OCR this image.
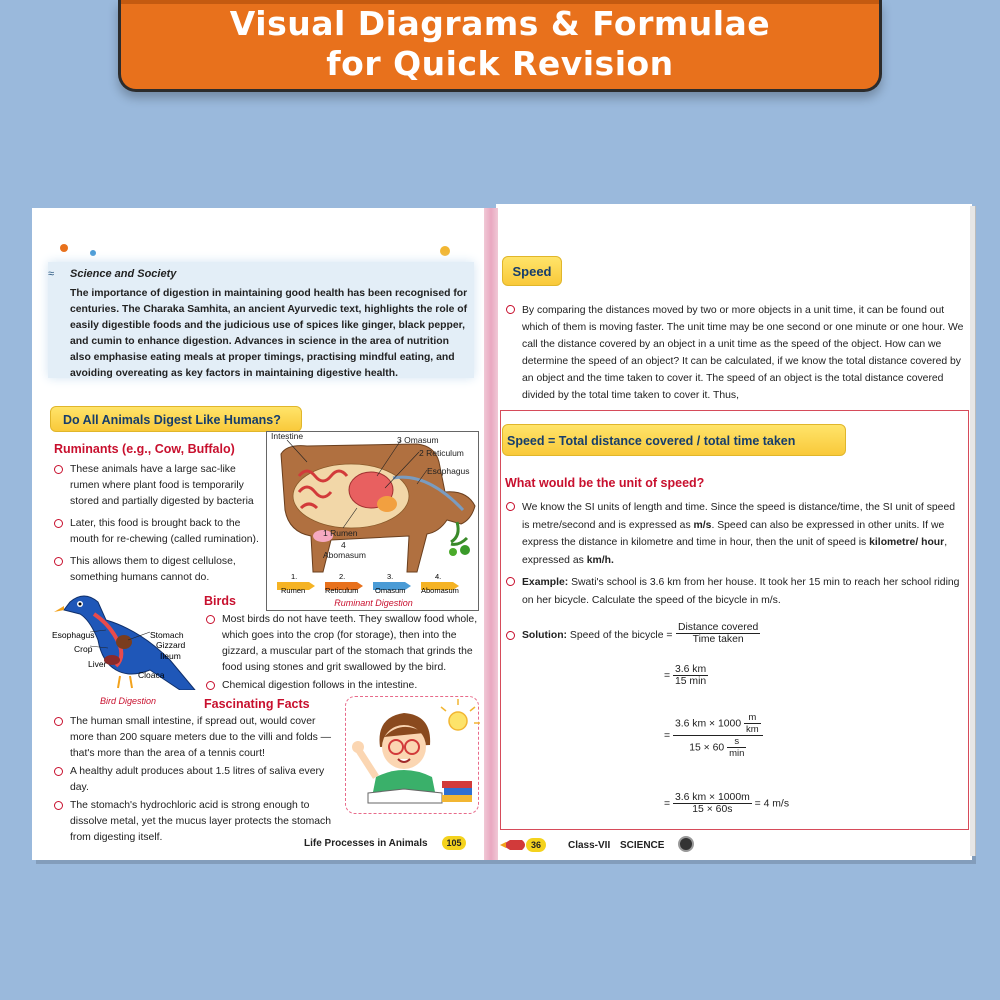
Visual Diagrams & Formulae
for Quick Revision
≈ Science and Society
The importance of digestion in maintaining good health has been recognised for centuries. The Charaka Samhita, an ancient Ayurvedic text, highlights the role of easily digestible foods and the judicious use of spices like ginger, black pepper, and cumin to enhance digestion. Advances in science in the area of nutrition also emphasise eating meals at proper timings, practising mindful eating, and avoiding overeating as key factors in maintaining digestive health.
Do All Animals Digest Like Humans?
Ruminants (e.g., Cow, Buffalo)
These animals have a large sac-like rumen where plant food is temporarily stored and partially digested by bacteria
Later, this food is brought back to the mouth for re-chewing (called rumination).
This allows them to digest cellulose, something humans cannot do.
Intestine	3 Omasum
2 Reticulum
Esophagus
1 Rumen
4
Abomasum
1.
Rumen
2.
Reticulum
3.
Omasum
4.
Abomasum
Ruminant Digestion
Esophagus	Stomach
Crop	Gizzard
Ileum
Liver
Cloaca
Bird Digestion
Birds
Most birds do not have teeth. They swallow food whole, which goes into the crop (for storage), then into the gizzard, a muscular part of the stomach that grinds the food using stones and grit swallowed by the bird.
Chemical digestion follows in the intestine.
Fascinating Facts
The human small intestine, if spread out, would cover more than 200 square meters due to the villi and folds — that's more than the area of a tennis court!
A healthy adult produces about 1.5 litres of saliva every day.
The stomach's hydrochloric acid is strong enough to dissolve metal, yet the mucus layer protects the stomach from digesting itself.
Life Processes in Animals	105
Speed
By comparing the distances moved by two or more objects in a unit time, it can be found out which of them is moving faster. The unit time may be one second or one minute or one hour. We call the distance covered by an object in a unit time as the speed of the object. How can we determine the speed of an object? It can be calculated, if we know the total distance covered by an object and the time taken to cover it. The speed of an object is the total distance covered divided by the total time taken to cover it. Thus,
Speed = Total distance covered / total time taken
What would be the unit of speed?
We know the SI units of length and time. Since the speed is distance/time, the SI unit of speed is metre/second and is expressed as m/s. Speed can also be expressed in other units. If we express the distance in kilometre and time in hour, then the unit of speed is kilometre/ hour, expressed as km/h.
Example: Swati's school is 3.6 km from her house. It took her 15 min to reach her school riding on her bicycle. Calculate the speed of the bicycle in m/s.
Solution: Speed of the bicycle = $\frac{\text{Distance covered}}{\text{Time taken}}$
= $\frac{3.6 km}{15 \min}$
= $\frac{3.6 km \times 1000 \frac{m}{km}}{15 \times 60 \frac{s}{\min}}$
= $\frac{3.6 km \times 1000m}{15 \times 60s} = 4$ m/s
36	Class-VII SCIENCE
